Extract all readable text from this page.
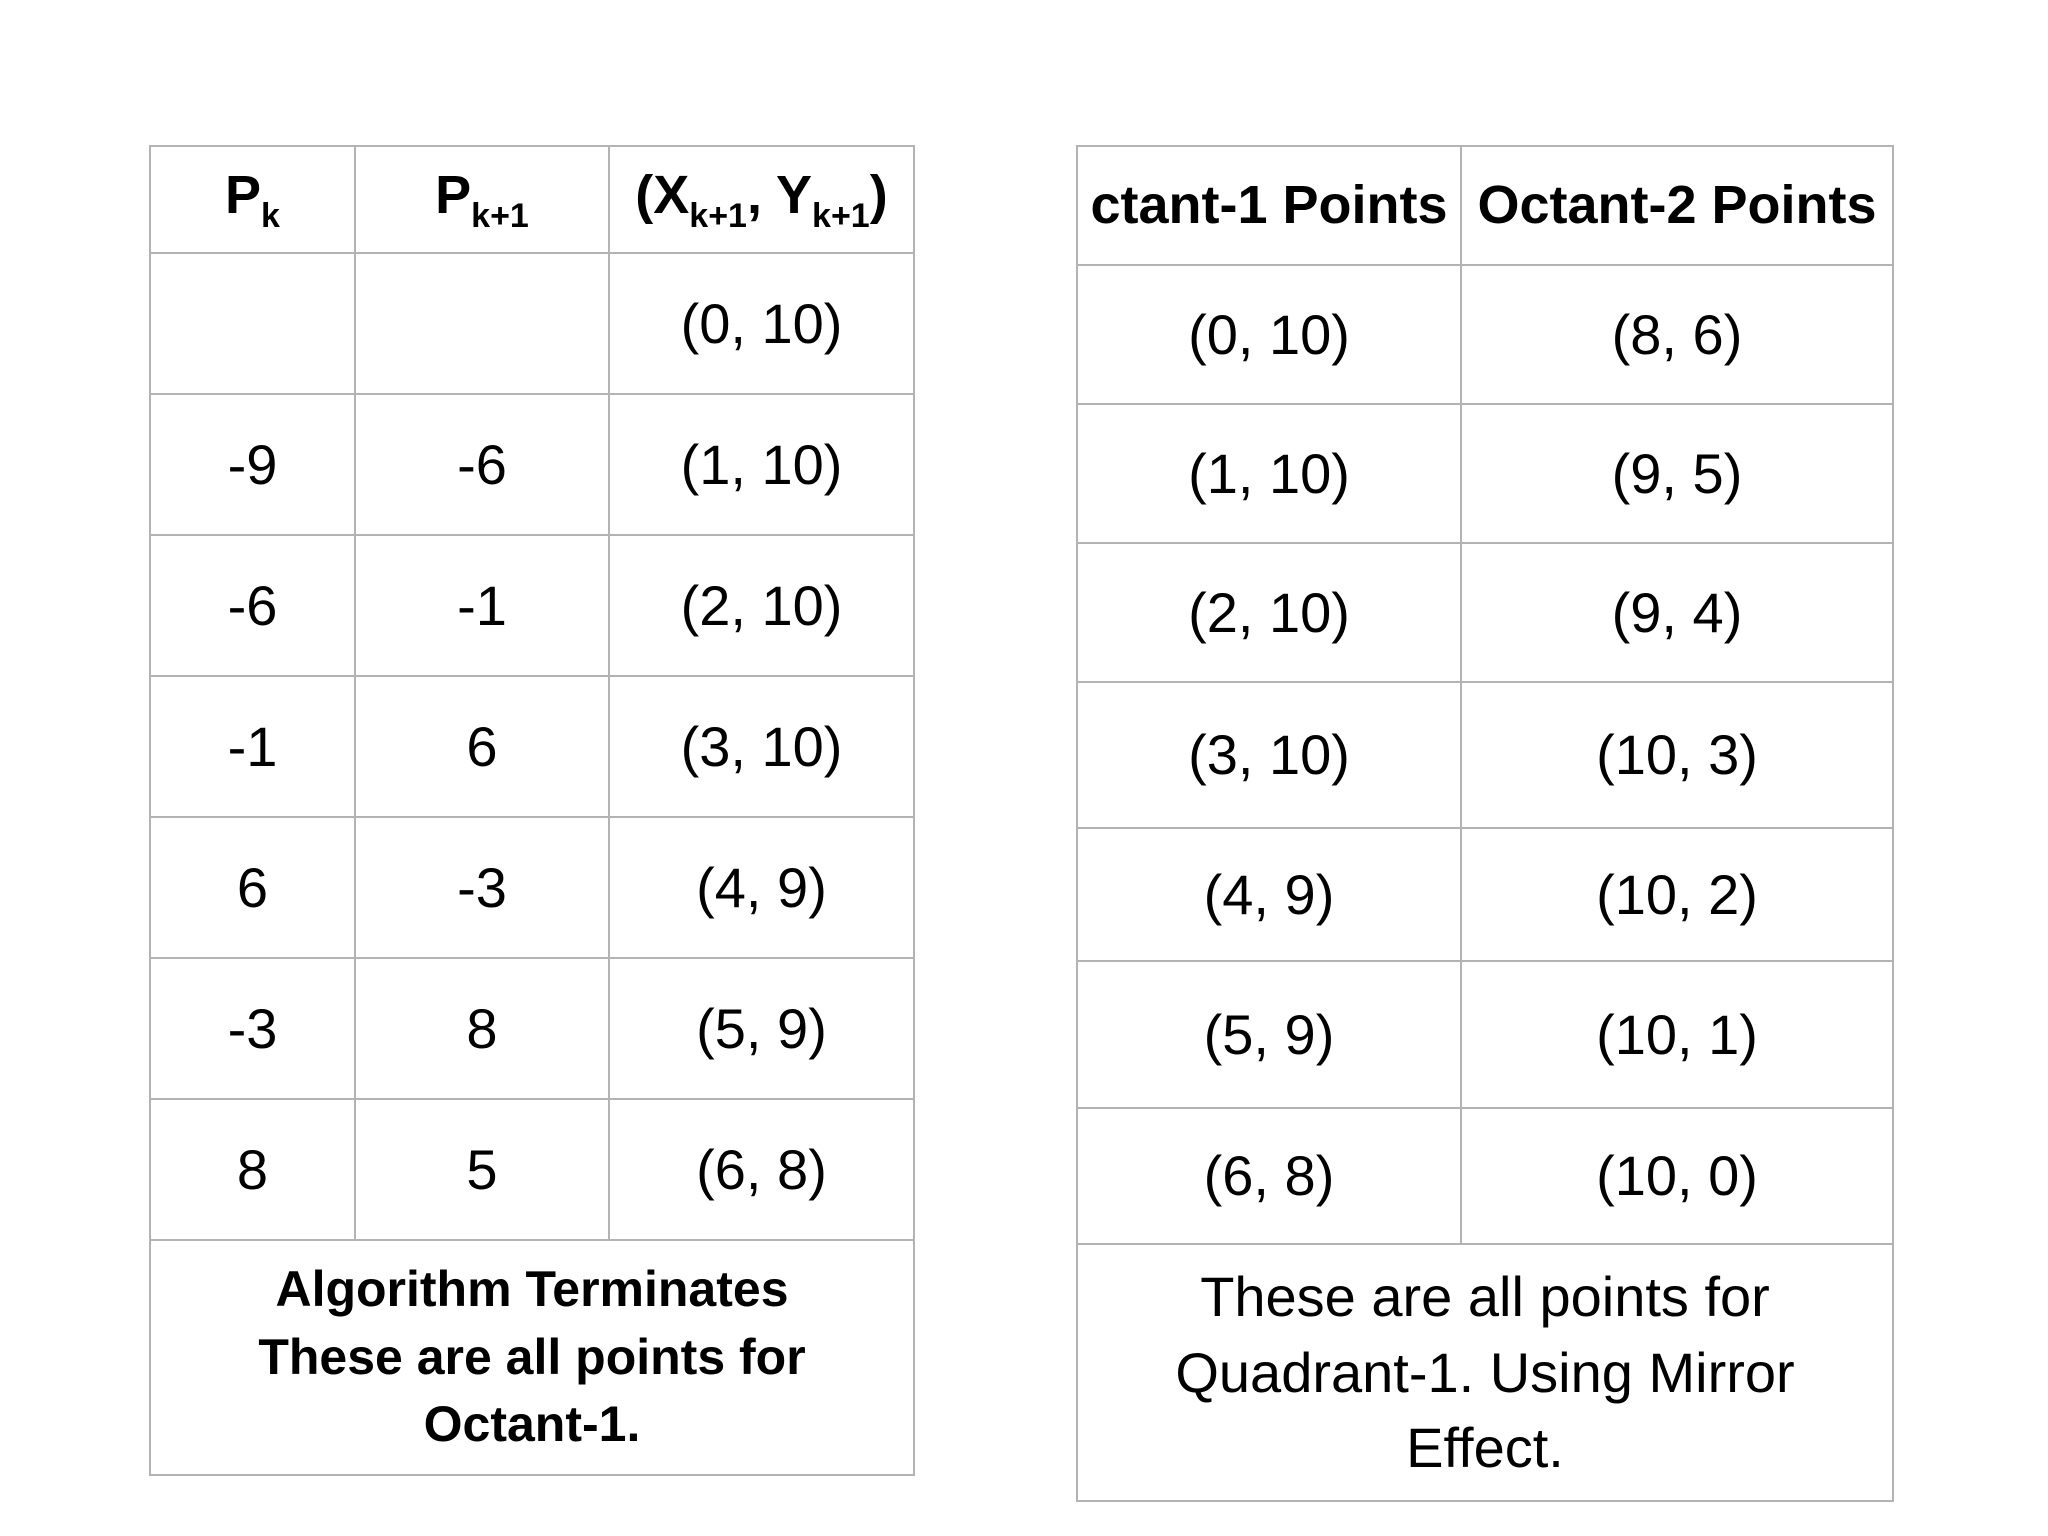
$P_k$	$P_{k+1}$	($X_{k+1}$, $Y_{k+1}$)
		(0, 10)
-9	-6	(1, 10)
-6	-1	(2, 10)
-1	6	(3, 10)
6	-3	(4, 9)
-3	8	(5, 9)
8	5	(6, 8)

Algorithm Terminates
These are all points for
Octant-1.		
ctant-1 Points	Octant-2 Points
(0, 10)	(8, 6)
(1, 10)	(9, 5)
(2, 10)	(9, 4)
(3, 10)	(10, 3)
(4, 9)	(10, 2)
(5, 9)	(10, 1)
(6, 8)	(10, 0)

These are all points for
Quadrant-1. Using Mirror
Effect.	
